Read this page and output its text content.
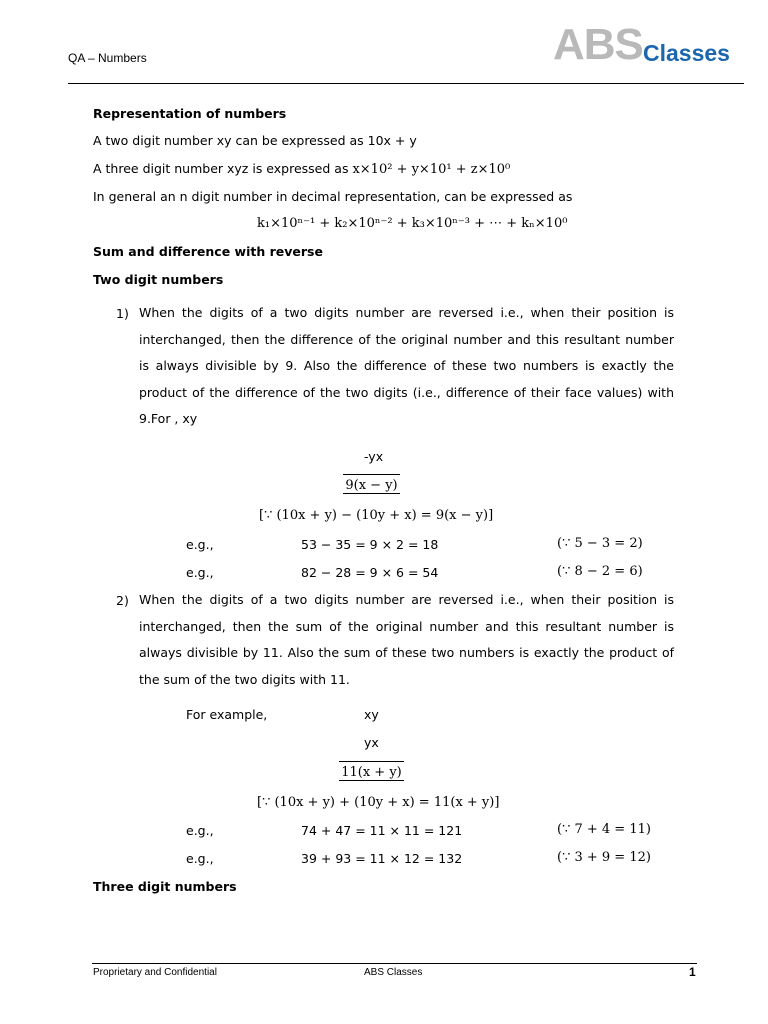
QA – Numbers	ABS Classes
Representation of numbers
A two digit number xy can be expressed as 10x + y
A three digit number xyz is expressed as x×10² + y×10¹ + z×10⁰
In general an n digit number in decimal representation, can be expressed as
k₁×10ⁿ⁻¹ + k₂×10ⁿ⁻² + k₃×10ⁿ⁻³ + ⋯ + kₙ×10⁰
Sum and difference with reverse
Two digit numbers
1) When the digits of a two digits number are reversed i.e., when their position is interchanged, then the difference of the original number and this resultant number is always divisible by 9. Also the difference of these two numbers is exactly the product of the difference of the two digits (i.e., difference of their face values) with 9.For , xy
-yx
9(x − y)
[∵ (10x + y) − (10y + x) = 9(x − y)]
e.g.,	53 − 35 = 9 × 2 = 18	(∵ 5 − 3 = 2)
e.g.,	82 − 28 = 9 × 6 = 54	(∵ 8 − 2 = 6)
2) When the digits of a two digits number are reversed i.e., when their position is interchanged, then the sum of the original number and this resultant number is always divisible by 11. Also the sum of these two numbers is exactly the product of the sum of the two digits with 11.
For example,	xy
yx
11(x + y)
[∵ (10x + y) + (10y + x) = 11(x + y)]
e.g.,	74 + 47 = 11 × 11 = 121	(∵ 7 + 4 = 11)
e.g.,	39 + 93 = 11 × 12 = 132	(∵ 3 + 9 = 12)
Three digit numbers
Proprietary and Confidential	ABS Classes	1
